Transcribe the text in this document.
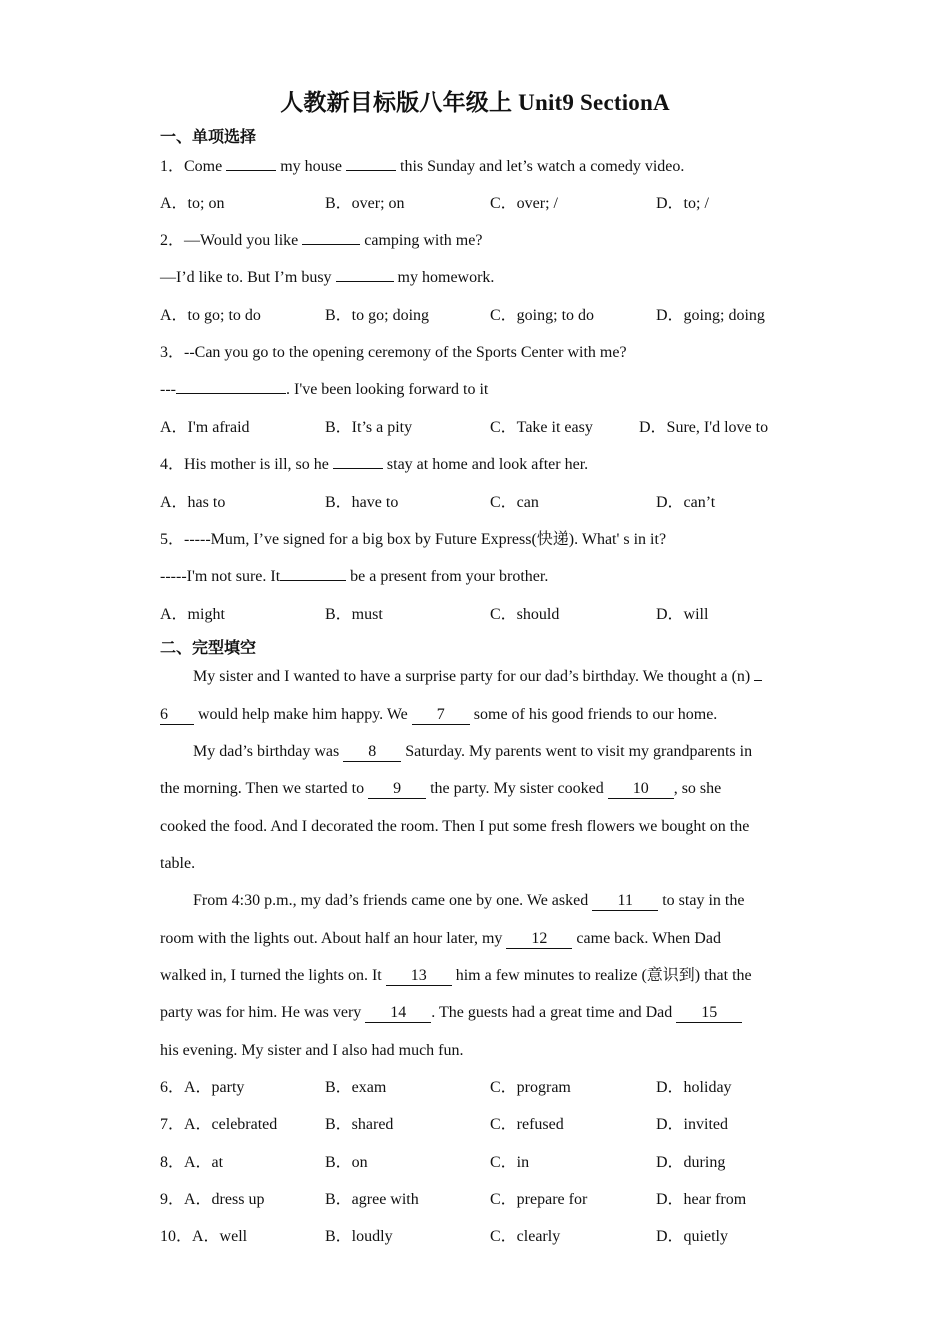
人教新目标版八年级上 Unit9 SectionA
一、单项选择
1．Come	my house	this Sunday and let’s watch a comedy video.
A．to; on	B．over; on	C．over; /	D．to; /
2．—Would you like	camping with me?
—I’d like to. But I’m busy	my homework.
A．to go; to do	B．to go; doing	C．going; to do	D．going; doing
3．--Can you go to the opening ceremony of the Sports Center with me?
---	. I've been looking forward to it
A．I'm afraid	B．It’s a pity	C．Take it easy	D．Sure, I'd love to
4．His mother is ill, so he	stay at home and look after her.
A．has to	B．have to	C．can	D．can’t
5．-----Mum, I’ve signed for a big box by Future Express(快递). What' s in it?
-----I'm not sure. It	be a present from your brother.
A．might	B．must	C．should	D．will
二、完型填空
My sister and I wanted to have a surprise party for our dad’s birthday. We thought a (n)
6 would help make him happy. We 7 some of his good friends to our home.
My dad’s birthday was 8 Saturday. My parents went to visit my grandparents in
the morning. Then we started to 9 the party. My sister cooked 10 , so she
cooked the food. And I decorated the room. Then I put some fresh flowers we bought on the
table.
From 4:30 p.m., my dad’s friends came one by one. We asked 11 to stay in the
room with the lights out. About half an hour later, my 12 came back. When Dad
walked in, I turned the lights on. It 13 him a few minutes to realize (意识到) that the
party was for him. He was very 14 . The guests had a great time and Dad 15
his evening. My sister and I also had much fun.
6．A．party	B．exam	C．program	D．holiday
7．A．celebrated	B．shared	C．refused	D．invited
8．A．at	B．on	C．in	D．during
9．A．dress up	B．agree with	C．prepare for	D．hear from
10．A．well	B．loudly	C．clearly	D．quietly
